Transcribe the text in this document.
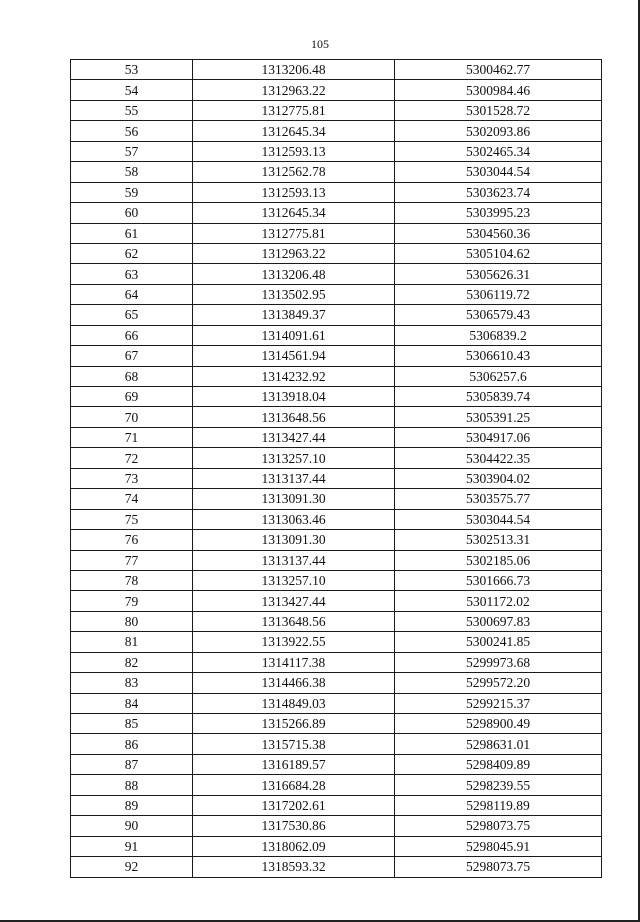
105
53	1313206.48	5300462.77
54	1312963.22	5300984.46
55	1312775.81	5301528.72
56	1312645.34	5302093.86
57	1312593.13	5302465.34
58	1312562.78	5303044.54
59	1312593.13	5303623.74
60	1312645.34	5303995.23
61	1312775.81	5304560.36
62	1312963.22	5305104.62
63	1313206.48	5305626.31
64	1313502.95	5306119.72
65	1313849.37	5306579.43
66	1314091.61	5306839.2
67	1314561.94	5306610.43
68	1314232.92	5306257.6
69	1313918.04	5305839.74
70	1313648.56	5305391.25
71	1313427.44	5304917.06
72	1313257.10	5304422.35
73	1313137.44	5303904.02
74	1313091.30	5303575.77
75	1313063.46	5303044.54
76	1313091.30	5302513.31
77	1313137.44	5302185.06
78	1313257.10	5301666.73
79	1313427.44	5301172.02
80	1313648.56	5300697.83
81	1313922.55	5300241.85
82	1314117.38	5299973.68
83	1314466.38	5299572.20
84	1314849.03	5299215.37
85	1315266.89	5298900.49
86	1315715.38	5298631.01
87	1316189.57	5298409.89
88	1316684.28	5298239.55
89	1317202.61	5298119.89
90	1317530.86	5298073.75
91	1318062.09	5298045.91
92	1318593.32	5298073.75
